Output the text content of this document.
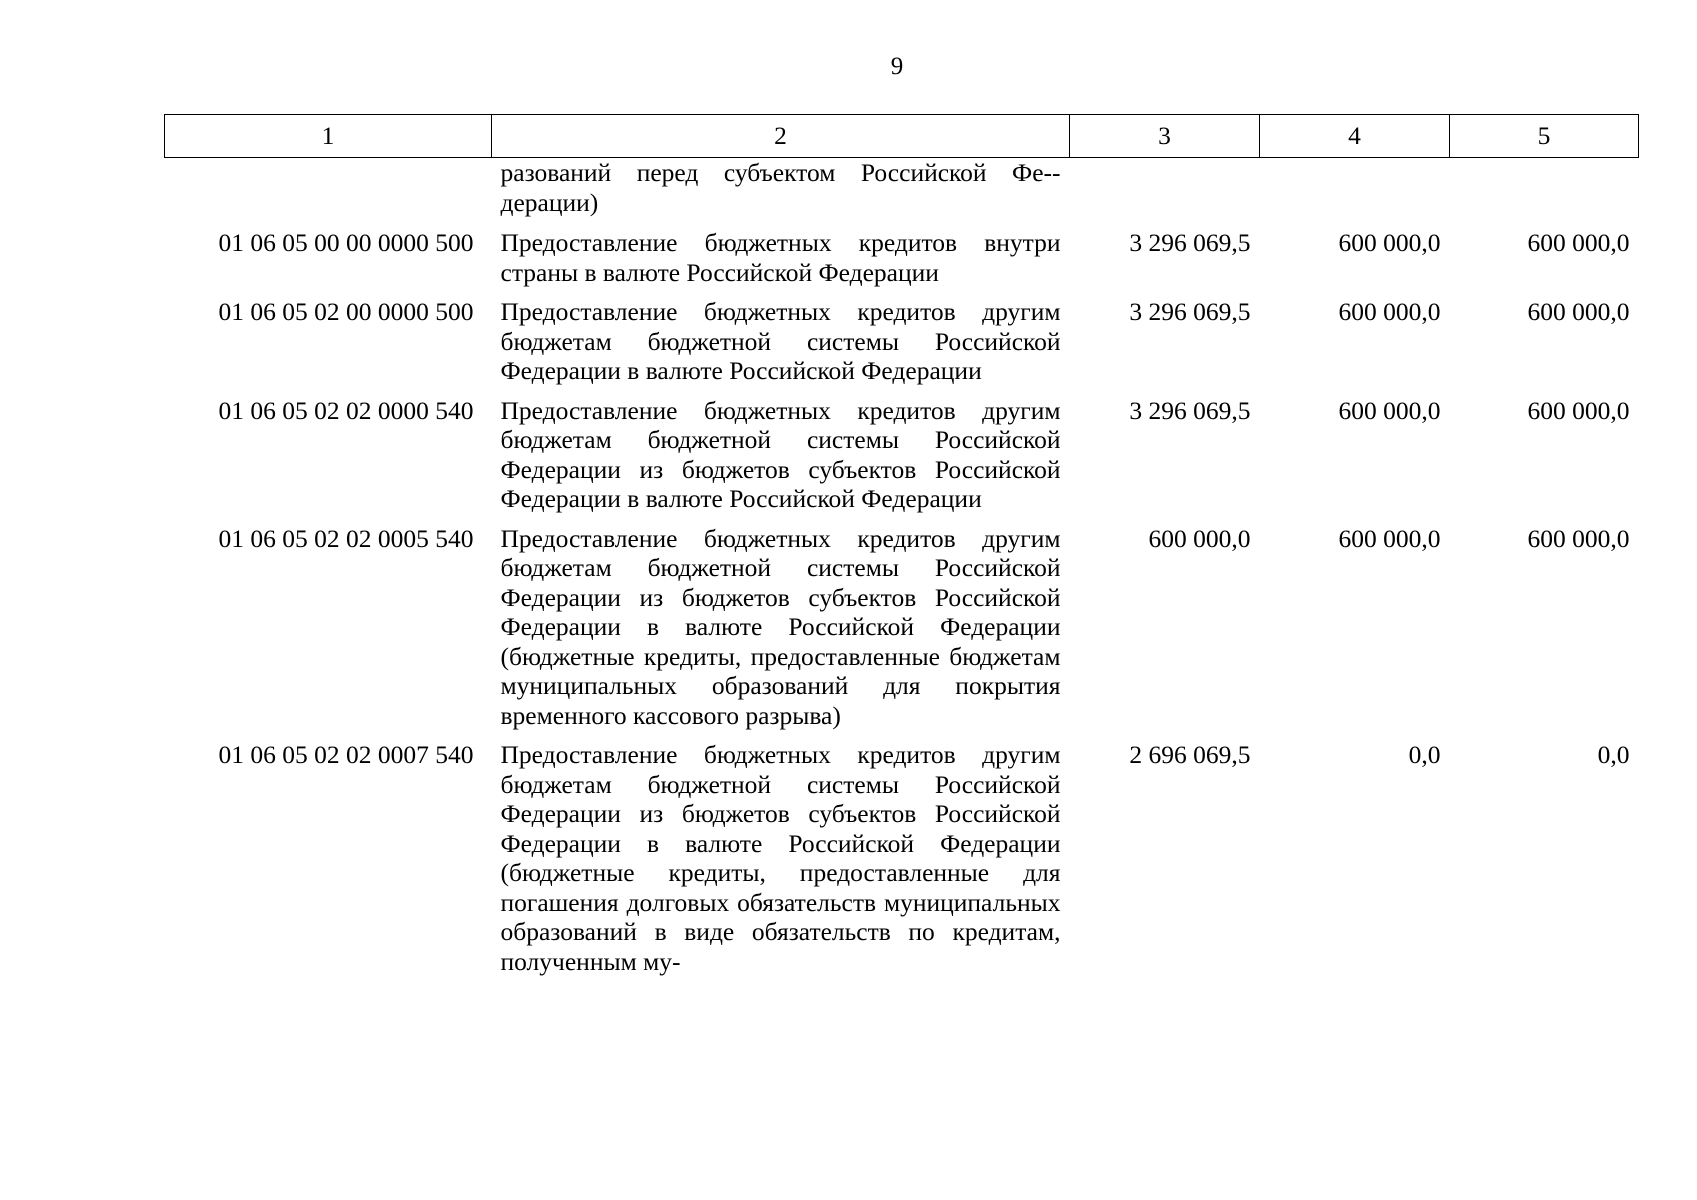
9
1	2	3	4	5
	разований перед субъектом Российской Фе-дерации)			
01 06 05 00 00 0000 500	Предоставление бюджетных кредитов внутри страны в валюте Российской Федерации	3 296 069,5	600 000,0	600 000,0
01 06 05 02 00 0000 500	Предоставление бюджетных кредитов другим бюджетам бюджетной системы Российской Федерации в валюте Российской Федерации	3 296 069,5	600 000,0	600 000,0
01 06 05 02 02 0000 540	Предоставление бюджетных кредитов другим бюджетам бюджетной системы Российской Федерации из бюджетов субъектов Российской Федерации в валюте Российской Федерации	3 296 069,5	600 000,0	600 000,0
01 06 05 02 02 0005 540	Предоставление бюджетных кредитов другим бюджетам бюджетной системы Российской Федерации из бюджетов субъектов Российской Федерации в валюте Российской Федерации (бюджетные кредиты, предоставленные бюджетам муниципальных образований для покрытия временного кассового разрыва)	600 000,0	600 000,0	600 000,0
01 06 05 02 02 0007 540	Предоставление бюджетных кредитов другим бюджетам бюджетной системы Российской Федерации из бюджетов субъектов Российской Федерации в валюте Российской Федерации (бюджетные кредиты, предоставленные для погашения долговых обязательств муниципальных образований в виде обязательств по кредитам, полученным му-	2 696 069,5	0,0	0,0
